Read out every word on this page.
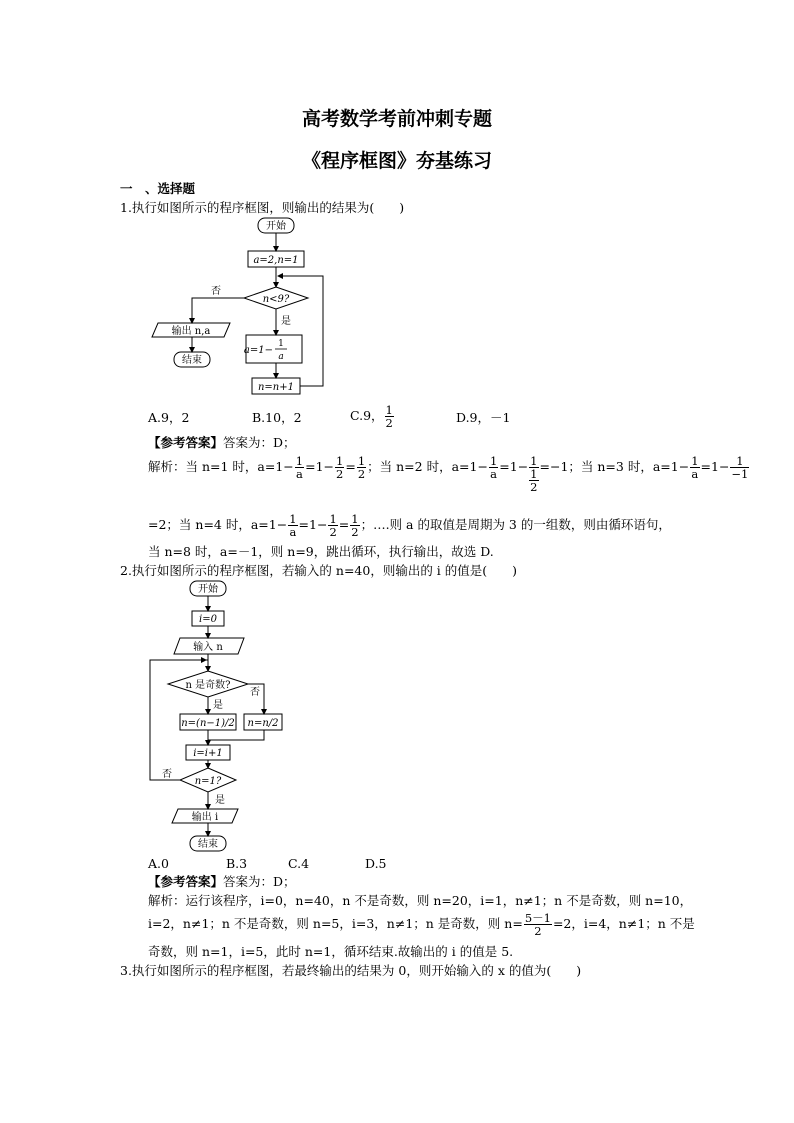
高考数学考前冲刺专题
《程序框图》夯基练习
一　、选择题
1.执行如图所示的程序框图，则输出的结果为(　　)
开始
a=2,n=1
n<9?
否
是
输出 n,a
结束
a=1−
1
a
n=n+1
A.9，2	B.10，2	C.9， $\frac{1}{2}$	D.9，－1
【参考答案】答案为：D；
解析：当 n=1 时，$a=1- \frac{1}{a} =1- \frac{1}{2} = \frac{1}{2}$ ；当 n=2 时，$a=1- \frac{1}{a} =1- 1$
1
2
=−1；当 n=3 时，$a=1- \frac{1}{a} =1- \frac{1}{-1}$
=2；当 n=4 时，$a=1- \frac{1}{a} =1- \frac{1}{2} = \frac{1}{2}$ ；….则 a 的取值是周期为 3 的一组数，则由循环语句，
当 n=8 时，a=－1，则 n=9，跳出循环，执行输出，故选 D.
2.执行如图所示的程序框图，若输入的 n=40，则输出的 i 的值是(　　)
开始
i=0
输入 n
n 是奇数?
是
否
n=(n−1)/2 n=n/2
i=i+1
n=1?
否
是
输出 i
结束
A.0	B.3	C.4	D.5
【参考答案】答案为：D；
解析：运行该程序，i=0，n=40，n 不是奇数，则 n=20，i=1，n≠1；n 不是奇数，则 n=10，
i=2，n≠1；n 不是奇数，则 n=5，i=3，n≠1；n 是奇数，则 $n= \frac{5-1}{2} =2$，i=4，n≠1；n 不是
奇数，则 n=1，i=5，此时 n=1，循环结束.故输出的 i 的值是 5.
3.执行如图所示的程序框图，若最终输出的结果为 0，则开始输入的 x 的值为(　　)
